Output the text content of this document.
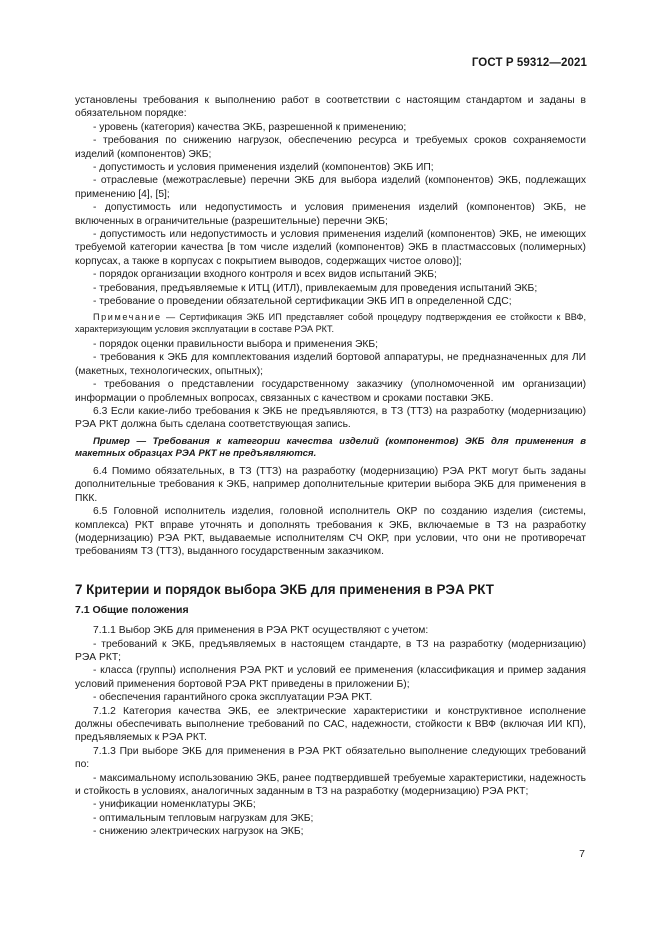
ГОСТ Р 59312—2021

установлены требования к выполнению работ в соответствии с настоящим стандартом и заданы в обязательном порядке:

- уровень (категория) качества ЭКБ, разрешенной к применению;

- требования по снижению нагрузок, обеспечению ресурса и требуемых сроков сохраняемости изделий (компонентов) ЭКБ;

- допустимость и условия применения изделий (компонентов) ЭКБ ИП;

- отраслевые (межотраслевые) перечни ЭКБ для выбора изделий (компонентов) ЭКБ, подлежащих применению [4], [5];

- допустимость или недопустимость и условия применения изделий (компонентов) ЭКБ, не включенных в ограничительные (разрешительные) перечни ЭКБ;

- допустимость или недопустимость и условия применения изделий (компонентов) ЭКБ, не имеющих требуемой категории качества [в том числе изделий (компонентов) ЭКБ в пластмассовых (полимерных) корпусах, а также в корпусах с покрытием выводов, содержащих чистое олово)];

- порядок организации входного контроля и всех видов испытаний ЭКБ;

- требования, предъявляемые к ИТЦ (ИТЛ), привлекаемым для проведения испытаний ЭКБ;

- требование о проведении обязательной сертификации ЭКБ ИП в определенной СДС;

Примечание — Сертификация ЭКБ ИП представляет собой процедуру подтверждения ее стойкости к ВВФ, характеризующим условия эксплуатации в составе РЭА РКТ.

- порядок оценки правильности выбора и применения ЭКБ;

- требования к ЭКБ для комплектования изделий бортовой аппаратуры, не предназначенных для ЛИ (макетных, технологических, опытных);

- требования о представлении государственному заказчику (уполномоченной им организации) информации о проблемных вопросах, связанных с качеством и сроками поставки ЭКБ.

6.3 Если какие-либо требования к ЭКБ не предъявляются, в ТЗ (ТТЗ) на разработку (модернизацию) РЭА РКТ должна быть сделана соответствующая запись.

Пример — Требования к категории качества изделий (компонентов) ЭКБ для применения в макетных образцах РЭА РКТ не предъявляются.

6.4 Помимо обязательных, в ТЗ (ТТЗ) на разработку (модернизацию) РЭА РКТ могут быть заданы дополнительные требования к ЭКБ, например дополнительные критерии выбора ЭКБ для применения в ПКК.

6.5 Головной исполнитель изделия, головной исполнитель ОКР по созданию изделия (системы, комплекса) РКТ вправе уточнять и дополнять требования к ЭКБ, включаемые в ТЗ на разработку (модернизацию) РЭА РКТ, выдаваемые исполнителям СЧ ОКР, при условии, что они не противоречат требованиям ТЗ (ТТЗ), выданного государственным заказчиком.

7 Критерии и порядок выбора ЭКБ для применения в РЭА РКТ

7.1 Общие положения

7.1.1 Выбор ЭКБ для применения в РЭА РКТ осуществляют с учетом:

- требований к ЭКБ, предъявляемых в настоящем стандарте, в ТЗ на разработку (модернизацию) РЭА РКТ;

- класса (группы) исполнения РЭА РКТ и условий ее применения (классификация и пример задания условий применения бортовой РЭА РКТ приведены в приложении Б);

- обеспечения гарантийного срока эксплуатации РЭА РКТ.

7.1.2 Категория качества ЭКБ, ее электрические характеристики и конструктивное исполнение должны обеспечивать выполнение требований по САС, надежности, стойкости к ВВФ (включая ИИ КП), предъявляемых к РЭА РКТ.

7.1.3 При выборе ЭКБ для применения в РЭА РКТ обязательно выполнение следующих требований по:

- максимальному использованию ЭКБ, ранее подтвердившей требуемые характеристики, надежность и стойкость в условиях, аналогичных заданным в ТЗ на разработку (модернизацию) РЭА РКТ;

- унификации номенклатуры ЭКБ;

- оптимальным тепловым нагрузкам для ЭКБ;

- снижению электрических нагрузок на ЭКБ;

7
